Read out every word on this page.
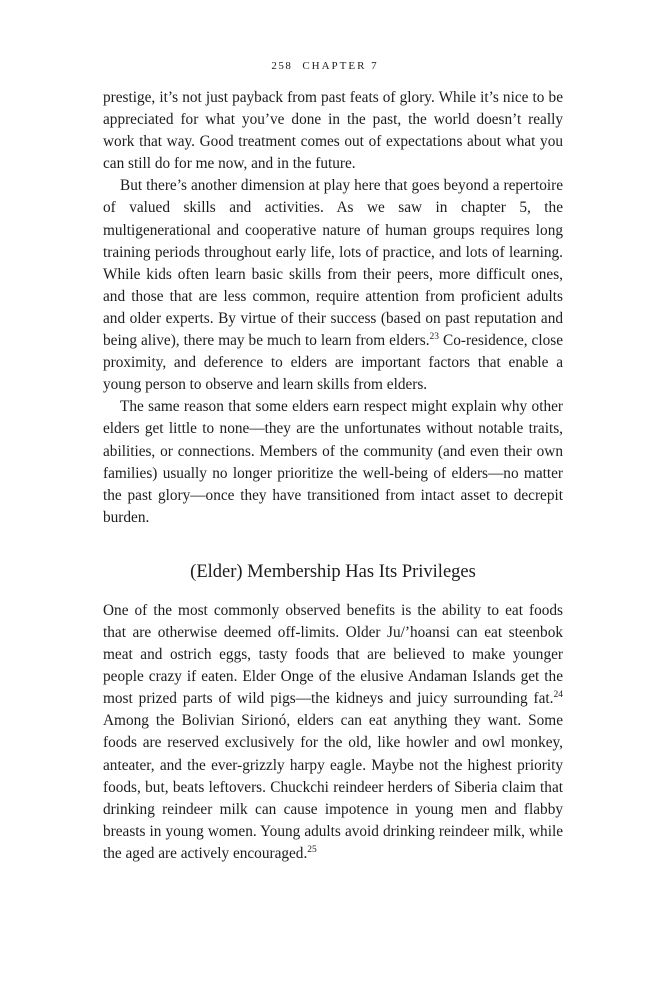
258 CHAPTER 7

prestige, it’s not just payback from past feats of glory. While it’s nice to be appreciated for what you’ve done in the past, the world doesn’t really work that way. Good treatment comes out of expectations about what you can still do for me now, and in the future.

But there’s another dimension at play here that goes beyond a repertoire of valued skills and activities. As we saw in chapter 5, the multigenerational and cooperative nature of human groups requires long training periods throughout early life, lots of practice, and lots of learning. While kids often learn basic skills from their peers, more difficult ones, and those that are less common, require attention from proficient adults and older experts. By virtue of their success (based on past reputation and being alive), there may be much to learn from elders.$^{23}$ Co-residence, close proximity, and deference to elders are important factors that enable a young person to observe and learn skills from elders.

The same reason that some elders earn respect might explain why other elders get little to none—they are the unfortunates without notable traits, abilities, or connections. Members of the community (and even their own families) usually no longer prioritize the well-being of elders—no matter the past glory—once they have transitioned from intact asset to decrepit burden.

(Elder) Membership Has Its Privileges

One of the most commonly observed benefits is the ability to eat foods that are otherwise deemed off-limits. Older Ju/’hoansi can eat steenbok meat and ostrich eggs, tasty foods that are believed to make younger people crazy if eaten. Elder Onge of the elusive Andaman Islands get the most prized parts of wild pigs—the kidneys and juicy surrounding fat.$^{24}$ Among the Bolivian Sirionó, elders can eat anything they want. Some foods are reserved exclusively for the old, like howler and owl monkey, anteater, and the ever-grizzly harpy eagle. Maybe not the highest priority foods, but, beats leftovers. Chuckchi reindeer herders of Siberia claim that drinking reindeer milk can cause impotence in young men and flabby breasts in young women. Young adults avoid drinking reindeer milk, while the aged are actively encouraged.$^{25}$
